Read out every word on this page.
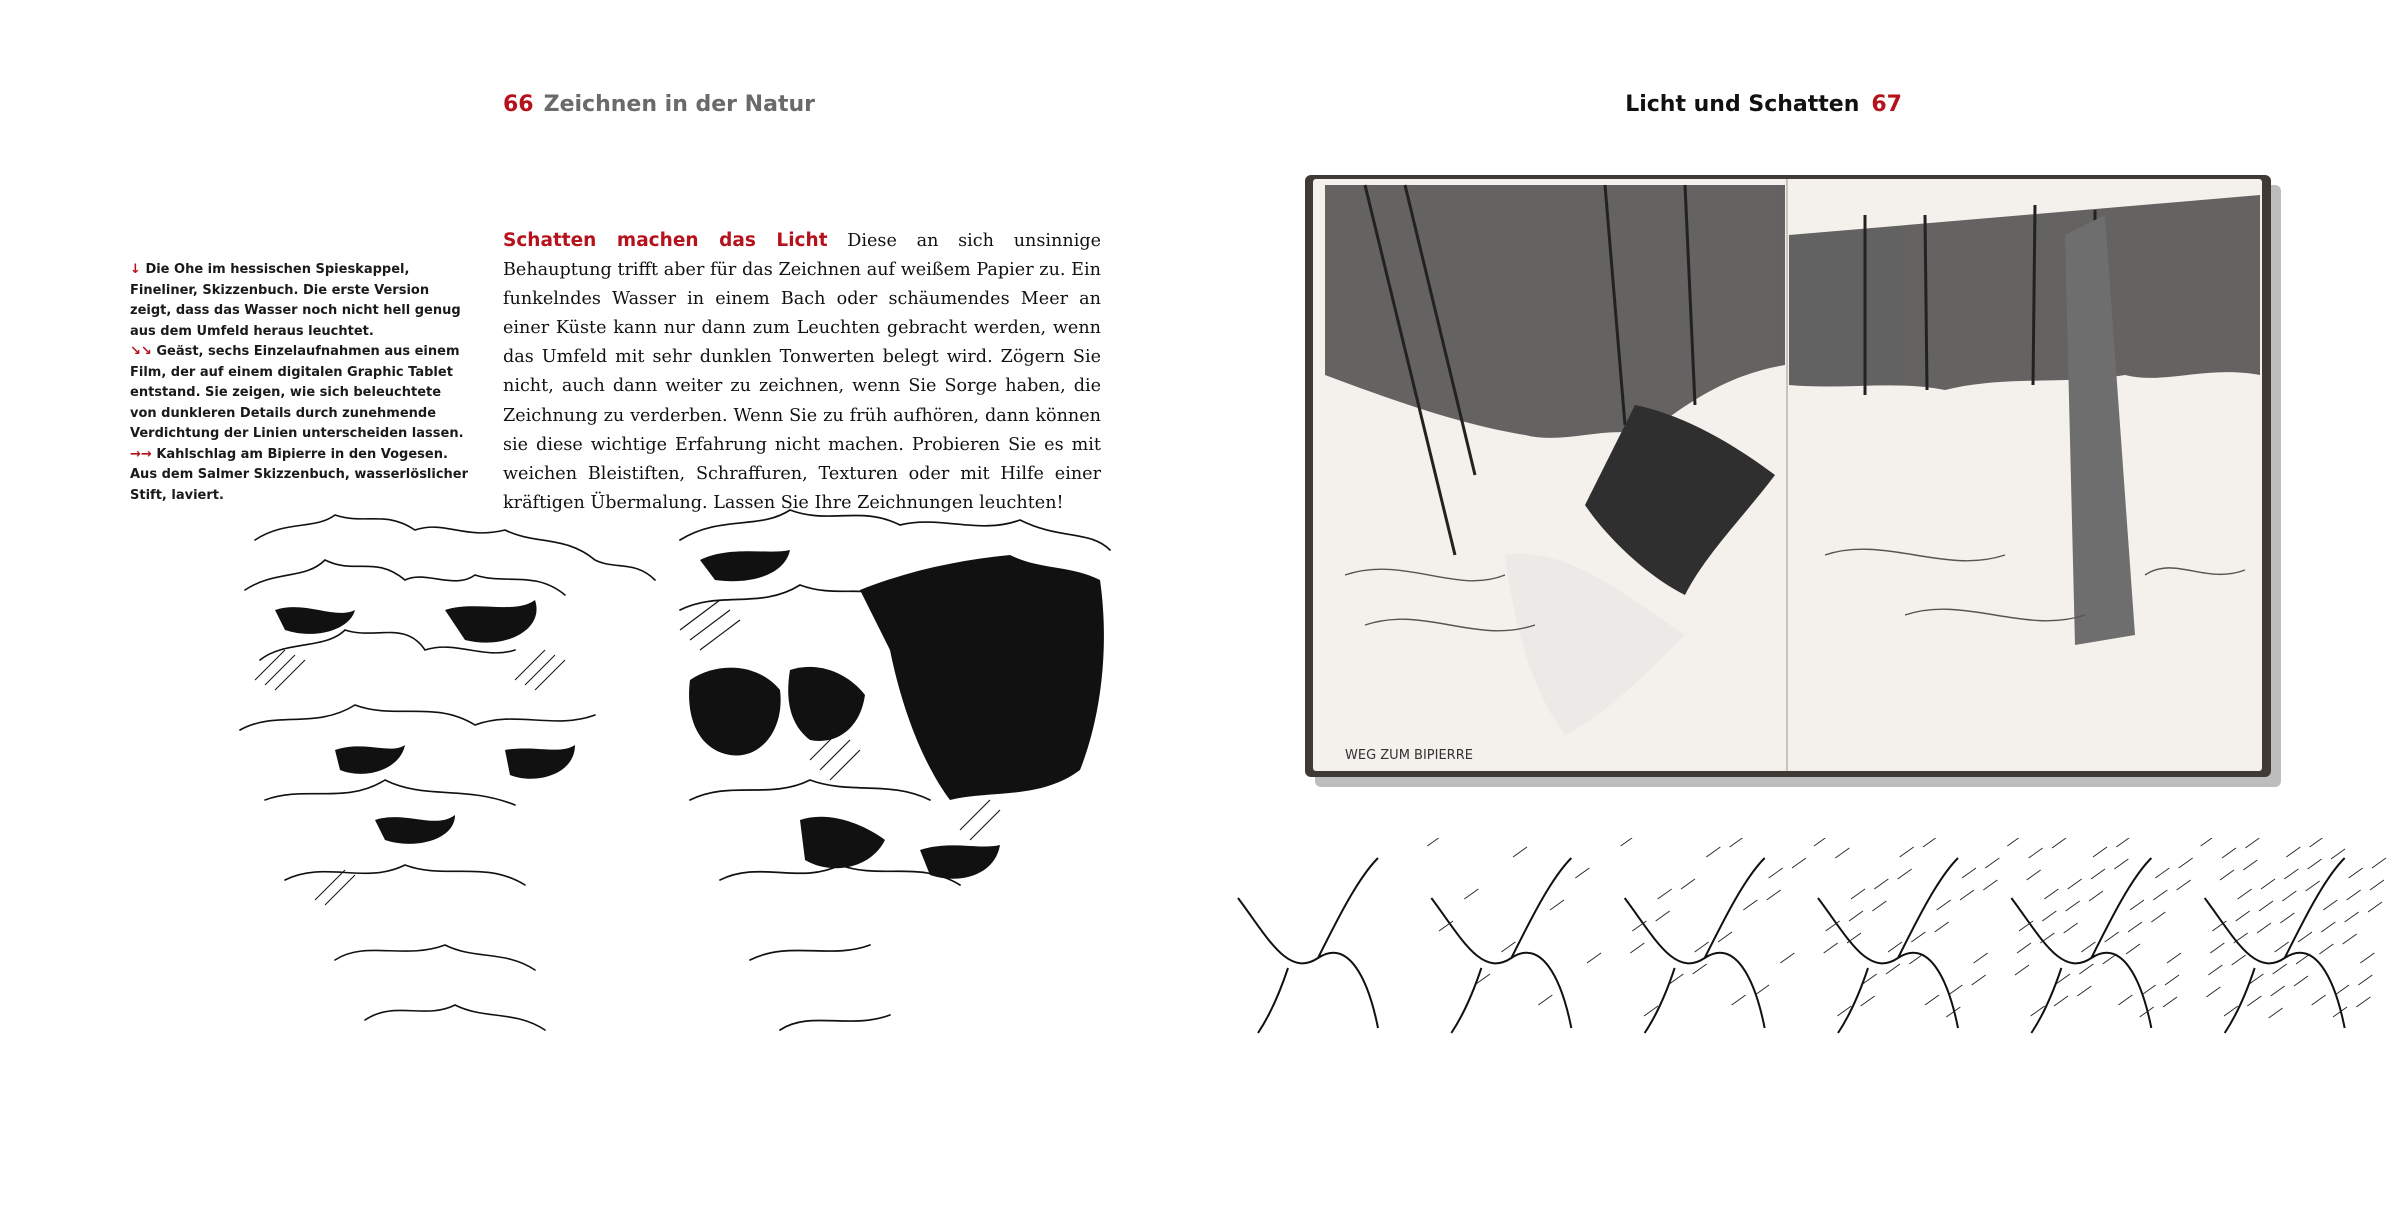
66 Zeichnen in der Natur	Licht und Schatten 67

↓ Die Ohe im hessischen Spieskappel, Fineliner, Skizzenbuch. Die erste Version zeigt, dass das Wasser noch nicht hell genug aus dem Umfeld heraus leuchtet.

↘↘ Geäst, sechs Einzelaufnahmen aus einem Film, der auf einem digitalen Graphic Tablet entstand. Sie zeigen, wie sich beleuchtete von dunkleren Details durch zunehmende Verdichtung der Linien unterscheiden lassen.

→→ Kahlschlag am Bipierre in den Vogesen. Aus dem Salmer Skizzenbuch, wasserlöslicher Stift, laviert.

Schatten machen das Licht Diese an sich unsinnige Behauptung trifft aber für das Zeichnen auf weißem Papier zu. Ein funkelndes Wasser in einem Bach oder schäumendes Meer an einer Küste kann nur dann zum Leuchten gebracht werden, wenn das Umfeld mit sehr dunklen Tonwerten belegt wird. Zögern Sie nicht, auch dann weiter zu zeichnen, wenn Sie Sorge haben, die Zeichnung zu verderben. Wenn Sie zu früh aufhören, dann können sie diese wichtige Erfahrung nicht machen. Probieren Sie es mit weichen Bleistiften, Schraffuren, Texturen oder mit Hilfe einer kräftigen Übermalung. Lassen Sie Ihre Zeichnungen leuchten!
WEG ZUM BIPIERRE
